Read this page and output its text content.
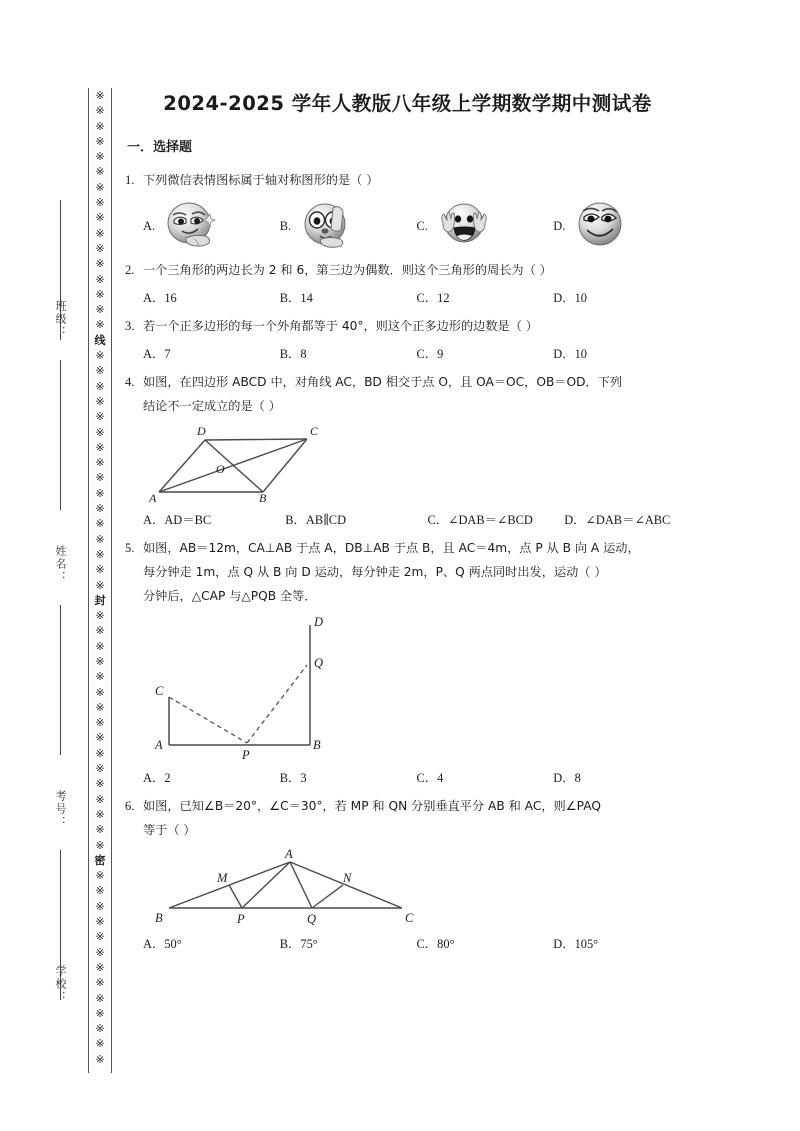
班级：
姓名：
考号：
学校：
※
※
※
※
※
※
※
※
※
※
※
※
※
※
※
※
线
※
※
※
※
※
※
※
※
※
※
※
※
※
※
※
※
封
※
※
※
※
※
※
※
※
※
※
※
※
※
※
※
※
密
※
※
※
※
※
※
※
※
※
※
※
※
※
2024-2025 学年人教版八年级上学期数学期中测试卷
一．选择题
1. 下列微信表情图标属于轴对称图形的是（ ）
A.	B.	C.	D.
2. 一个三角形的两边长为 2 和 6，第三边为偶数．则这个三角形的周长为（ ）
A．16	B．14	C．12	D．10
3. 若一个正多边形的每一个外角都等于 40°，则这个正多边形的边数是（ ）
A．7	B．8	C．9	D．10
4. 如图，在四边形 ABCD 中，对角线 AC，BD 相交于点 O，且 OA＝OC，OB＝OD．下列
结论不一定成立的是（ ）
A	B
C
D
O
A．AD＝BC	B．AB∥CD	C．∠DAB＝∠BCD	D．∠DAB＝∠ABC
5. 如图，AB＝12m，CA⊥AB 于点 A，DB⊥AB 于点 B，且 AC＝4m，点 P 从 B 向 A 运动，
每分钟走 1m，点 Q 从 B 向 D 运动，每分钟走 2m，P、Q 两点同时出发，运动（ ）
分钟后，△CAP 与△PQB 全等．
A	B
C
D
P
Q
A．2	B．3	C．4	D．8
6. 如图，已知∠B＝20°，∠C＝30°，若 MP 和 QN 分别垂直平分 AB 和 AC，则∠PAQ
等于（ ）
A
B	C
M	N
P	Q
A．50°	B．75°	C．80°	D．105°
